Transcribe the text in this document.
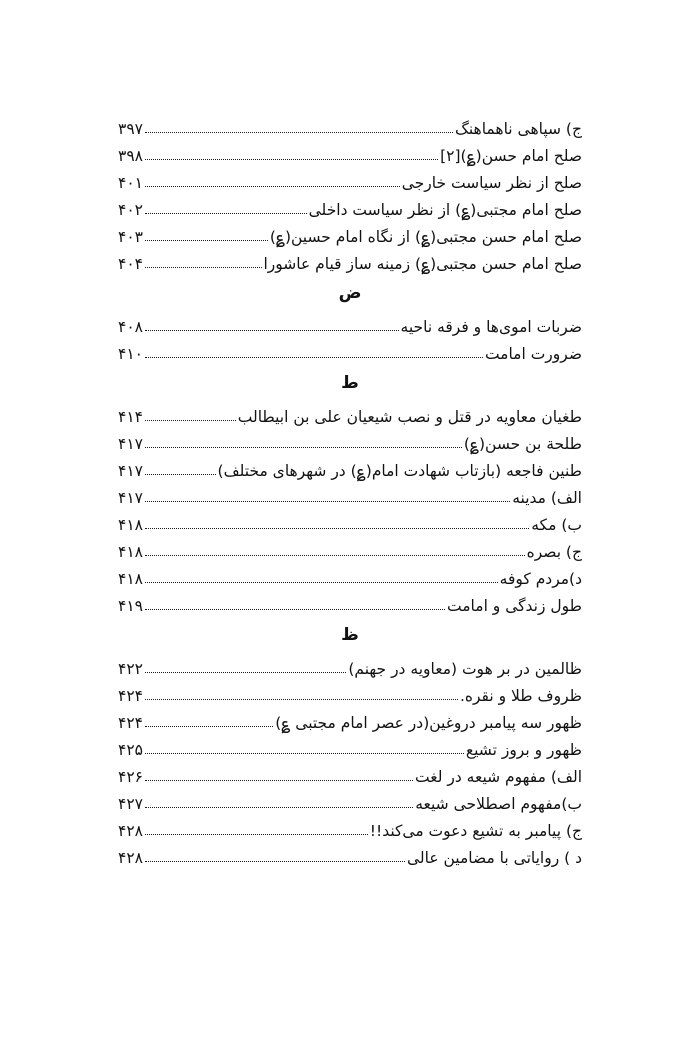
ج) سپاهی ناهماهنگ
۳۹۷
صلح امام حسن(؏)[۲]
۳۹۸
صلح از نظر سیاست خارجی
۴۰۱
صلح امام مجتبی(؏) از نظر سیاست داخلی
۴۰۲
صلح امام حسن مجتبی(؏) از نگاه امام حسین(؏)
۴۰۳
صلح امام حسن مجتبی(؏) زمینه ساز قیام عاشورا
۴۰۴
ض
ضربات اموی‌ها و فرقه ناحیه
۴۰۸
ضرورت امامت
۴۱۰
ط
طغیان معاویه در قتل و نصب شیعیان علی بن ابیطالب
۴۱۴
طلحة بن حسن(؏)
۴۱۷
طنین فاجعه (بازتاب شهادت امام(؏) در شهرهای مختلف)
۴۱۷
الف) مدینه
۴۱۷
ب) مکه
۴۱۸
ج) بصره
۴۱۸
د)مردم کوفه
۴۱۸
طول زندگی و امامت
۴۱۹
ظ
ظالمین در بر هوت (معاویه در جهنم)
۴۲۲
ظروف طلا و نقره.
۴۲۴
ظهور سه پیامبر دروغین(در عصر امام مجتبی ؏)
۴۲۴
ظهور و بروز تشیع
۴۲۵
الف) مفهوم شیعه در لغت
۴۲۶
ب)مفهوم اصطلاحی شیعه
۴۲۷
ج) پیامبر به تشیع دعوت می‌کند!!
۴۲۸
د ) روایاتی با مضامین عالی
۴۲۸
